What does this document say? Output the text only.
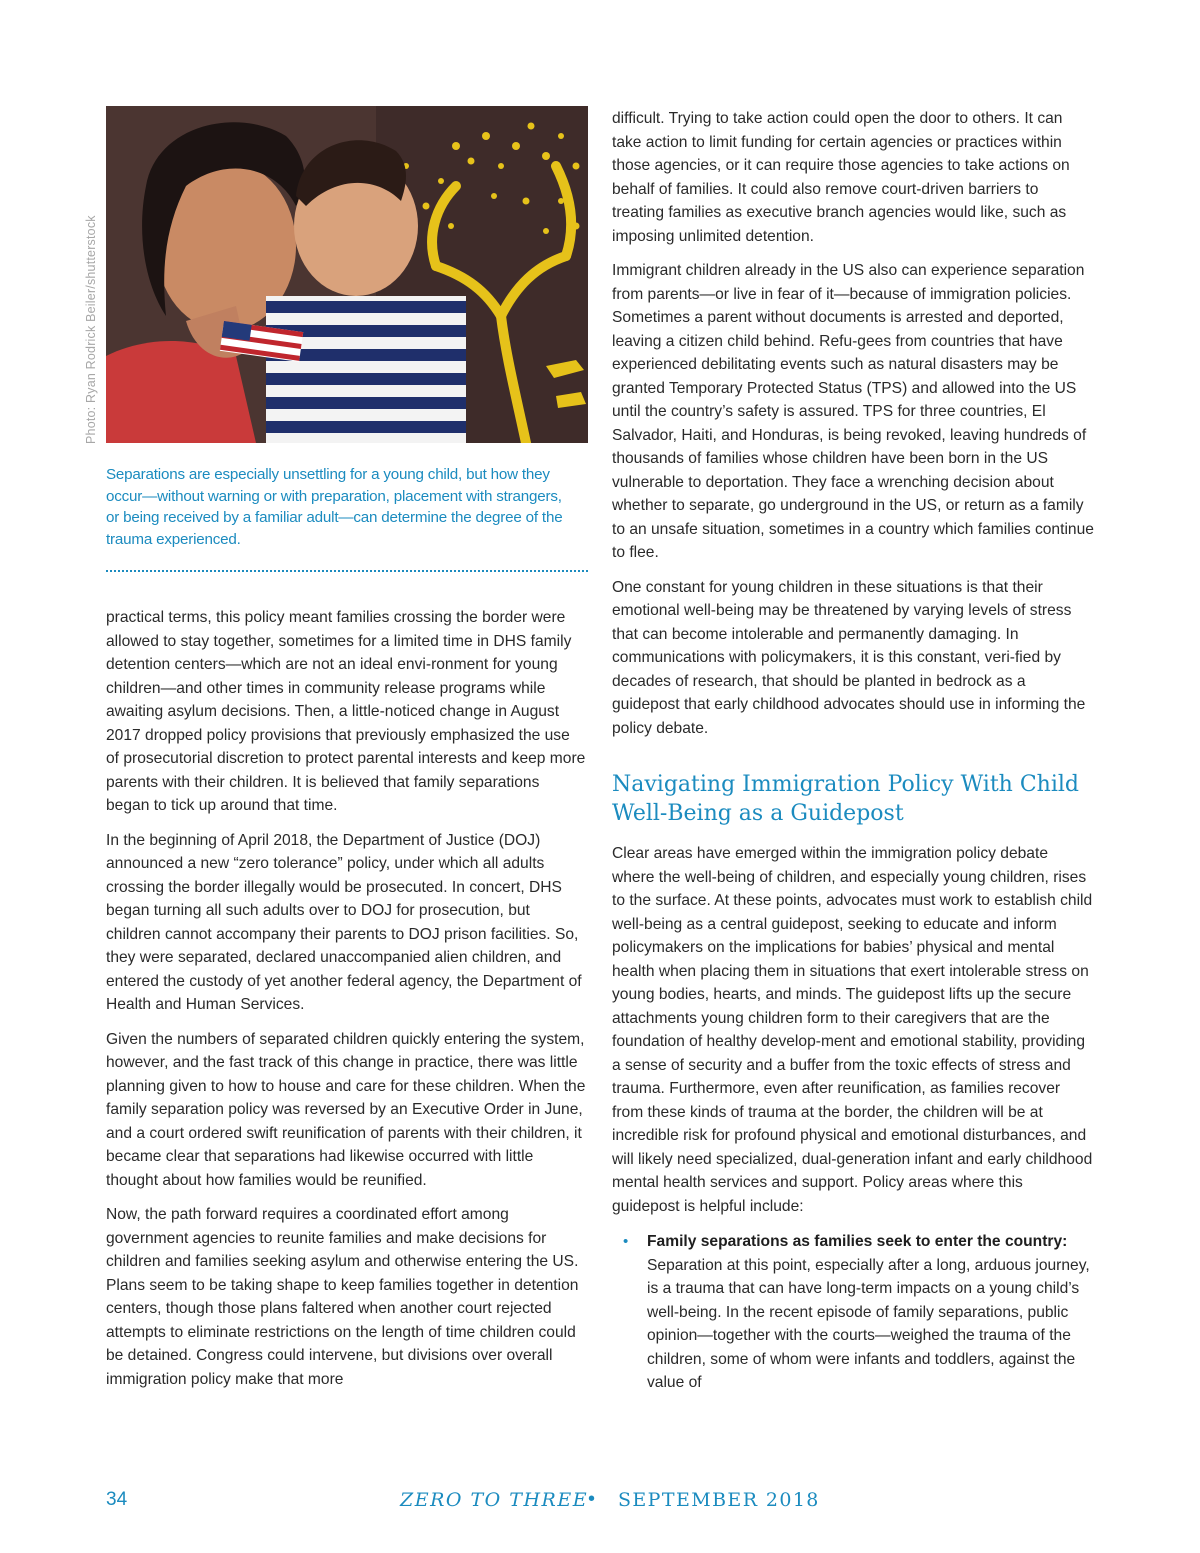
Photo: Ryan Rodrick Beiler/shutterstock
Separations are especially unsettling for a young child, but how they occur—without warning or with preparation, placement with strangers, or being received by a familiar adult—can determine the degree of the trauma experienced.

practical terms, this policy meant families crossing the border were allowed to stay together, sometimes for a limited time in DHS family detention centers—which are not an ideal envi-ronment for young children—and other times in community release programs while awaiting asylum decisions. Then, a little-noticed change in August 2017 dropped policy provisions that previously emphasized the use of prosecutorial discretion to protect parental interests and keep more parents with their children. It is believed that family separations began to tick up around that time.

In the beginning of April 2018, the Department of Justice (DOJ) announced a new “zero tolerance” policy, under which all adults crossing the border illegally would be prosecuted. In concert, DHS began turning all such adults over to DOJ for prosecution, but children cannot accompany their parents to DOJ prison facilities. So, they were separated, declared unaccompanied alien children, and entered the custody of yet another federal agency, the Department of Health and Human Services.

Given the numbers of separated children quickly entering the system, however, and the fast track of this change in practice, there was little planning given to how to house and care for these children. When the family separation policy was reversed by an Executive Order in June, and a court ordered swift reunification of parents with their children, it became clear that separations had likewise occurred with little thought about how families would be reunified.

Now, the path forward requires a coordinated effort among government agencies to reunite families and make decisions for children and families seeking asylum and otherwise entering the US. Plans seem to be taking shape to keep families together in detention centers, though those plans faltered when another court rejected attempts to eliminate restrictions on the length of time children could be detained. Congress could intervene, but divisions over overall immigration policy make that more

difficult. Trying to take action could open the door to others. It can take action to limit funding for certain agencies or practices within those agencies, or it can require those agencies to take actions on behalf of families. It could also remove court-driven barriers to treating families as executive branch agencies would like, such as imposing unlimited detention.

Immigrant children already in the US also can experience separation from parents—or live in fear of it—because of immigration policies. Sometimes a parent without documents is arrested and deported, leaving a citizen child behind. Refu-gees from countries that have experienced debilitating events such as natural disasters may be granted Temporary Protected Status (TPS) and allowed into the US until the country’s safety is assured. TPS for three countries, El Salvador, Haiti, and Honduras, is being revoked, leaving hundreds of thousands of families whose children have been born in the US vulnerable to deportation. They face a wrenching decision about whether to separate, go underground in the US, or return as a family to an unsafe situation, sometimes in a country which families continue to flee.

One constant for young children in these situations is that their emotional well-being may be threatened by varying levels of stress that can become intolerable and permanently damaging. In communications with policymakers, it is this constant, veri-fied by decades of research, that should be planted in bedrock as a guidepost that early childhood advocates should use in informing the policy debate.

Navigating Immigration Policy With Child Well-Being as a Guidepost

Clear areas have emerged within the immigration policy debate where the well-being of children, and especially young children, rises to the surface. At these points, advocates must work to establish child well-being as a central guidepost, seeking to educate and inform policymakers on the implications for babies’ physical and mental health when placing them in situations that exert intolerable stress on young bodies, hearts, and minds. The guidepost lifts up the secure attachments young children form to their caregivers that are the foundation of healthy develop-ment and emotional stability, providing a sense of security and a buffer from the toxic effects of stress and trauma. Furthermore, even after reunification, as families recover from these kinds of trauma at the border, the children will be at incredible risk for profound physical and emotional disturbances, and will likely need specialized, dual-generation infant and early childhood mental health services and support. Policy areas where this guidepost is helpful include:

• Family separations as families seek to enter the country: Separation at this point, especially after a long, arduous journey, is a trauma that can have long-term impacts on a young child’s well-being. In the recent episode of family separations, public opinion—together with the courts—weighed the trauma of the children, some of whom were infants and toddlers, against the value of
34	ZERO TO THREE • SEPTEMBER 2018
